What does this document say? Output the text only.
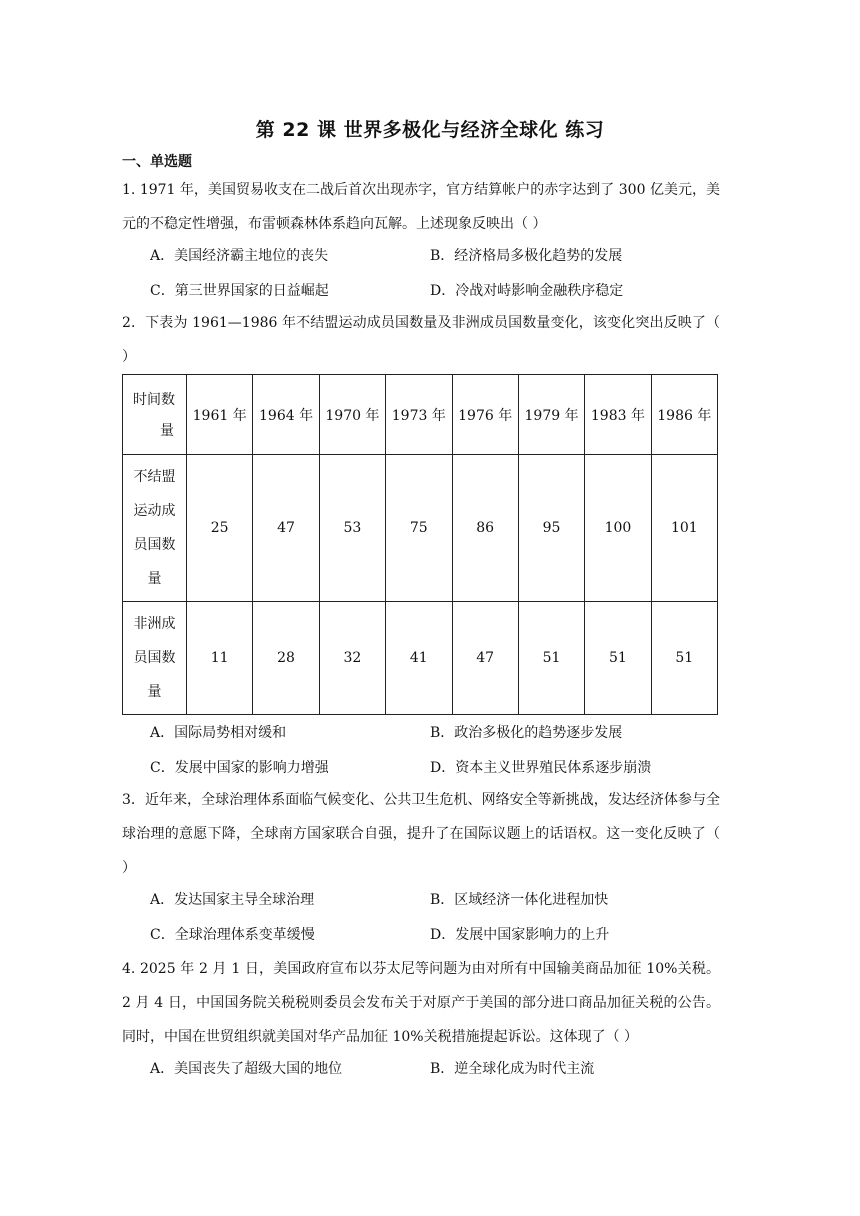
第 22 课 世界多极化与经济全球化 练习
一、单选题

1. 1971 年，美国贸易收支在二战后首次出现赤字，官方结算帐户的赤字达到了 300 亿美元，美元的不稳定性增强，布雷顿森林体系趋向瓦解。上述现象反映出（ ）

A．美国经济霸主地位的丧失	B．经济格局多极化趋势的发展
C．第三世界国家的日益崛起	D．冷战对峙影响金融秩序稳定

2．下表为 1961—1986 年不结盟运动成员国数量及非洲成员国数量变化，该变化突出反映了（ ）

时间数
量	1961 年	1964 年	1970 年	1973 年	1976 年	1979 年	1983 年	1986 年

不结盟
运动成
员国数
量	25	47	53	75	86	95	100	101

非洲成
员国数
量	11	28	32	41	47	51	51	51
A．国际局势相对缓和	B．政治多极化的趋势逐步发展
C．发展中国家的影响力增强	D．资本主义世界殖民体系逐步崩溃

3．近年来，全球治理体系面临气候变化、公共卫生危机、网络安全等新挑战，发达经济体参与全球治理的意愿下降，全球南方国家联合自强，提升了在国际议题上的话语权。这一变化反映了（ ）

A．发达国家主导全球治理	B．区域经济一体化进程加快
C．全球治理体系变革缓慢	D．发展中国家影响力的上升

4. 2025 年 2 月 1 日，美国政府宣布以芬太尼等问题为由对所有中国输美商品加征 10%关税。2 月 4 日，中国国务院关税税则委员会发布关于对原产于美国的部分进口商品加征关税的公告。同时，中国在世贸组织就美国对华产品加征 10%关税措施提起诉讼。这体现了（ ）

A．美国丧失了超级大国的地位	B．逆全球化成为时代主流
